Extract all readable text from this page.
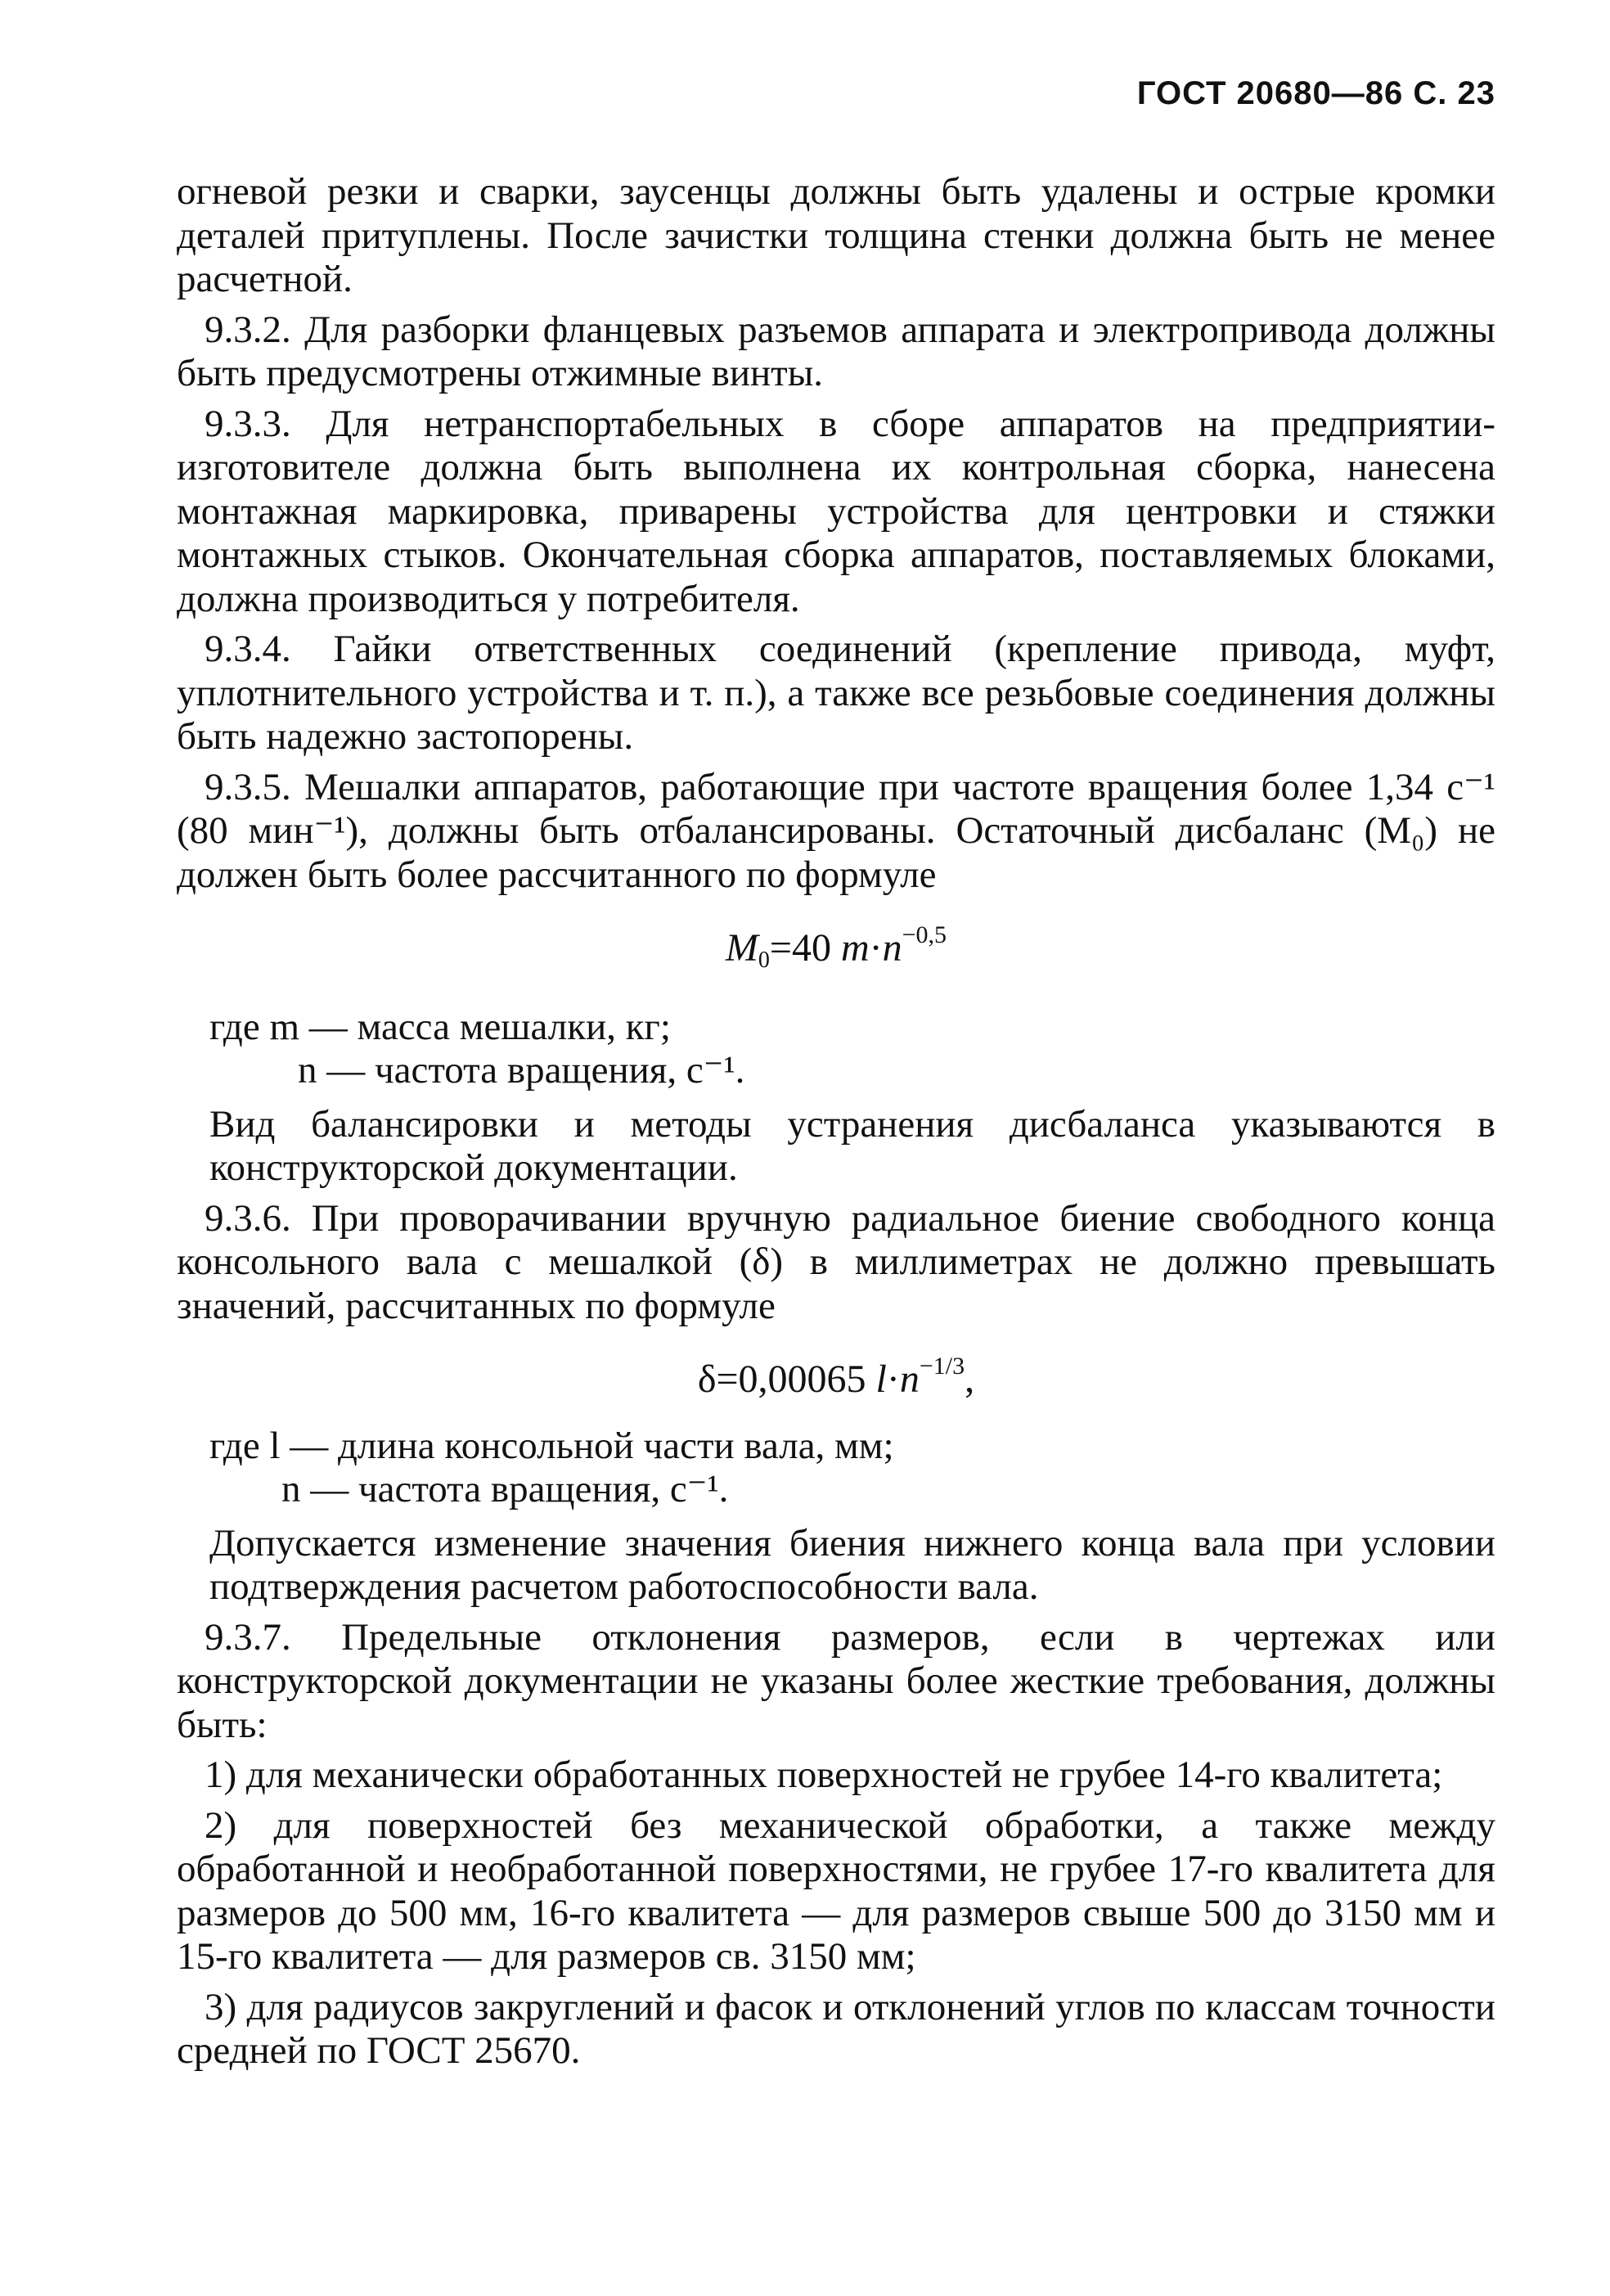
ГОСТ 20680—86 С. 23

огневой резки и сварки, заусенцы должны быть удалены и острые кромки деталей притуплены. После зачистки толщина стенки должна быть не менее расчетной.

9.3.2. Для разборки фланцевых разъемов аппарата и электропривода должны быть предусмотрены отжимные винты.

9.3.3. Для нетранспортабельных в сборе аппаратов на предприятии-изготовителе должна быть выполнена их контрольная сборка, нанесена монтажная маркировка, приварены устройства для центровки и стяжки монтажных стыков. Окончательная сборка аппаратов, поставляемых блоками, должна производиться у потребителя.

9.3.4. Гайки ответственных соединений (крепление привода, муфт, уплотнительного устройства и т. п.), а также все резьбовые соединения должны быть надежно застопорены.

9.3.5. Мешалки аппаратов, работающие при частоте вращения более 1,34 с⁻¹ (80 мин⁻¹), должны быть отбалансированы. Остаточный дисбаланс (M₀) не должен быть более рассчитанного по формуле

$M_0=40$ $m\cdot n^{-0,5}$

где m — масса мешалки, кг;

n — частота вращения, с⁻¹.

Вид балансировки и методы устранения дисбаланса указываются в конструкторской документации.

9.3.6. При проворачивании вручную радиальное биение свободного конца консольного вала с мешалкой (δ) в миллиметрах не должно превышать значений, рассчитанных по формуле

δ=0,00065 $l\cdot n^{-1/3}$,

где l — длина консольной части вала, мм;

n — частота вращения, с⁻¹.

Допускается изменение значения биения нижнего конца вала при условии подтверждения расчетом работоспособности вала.

9.3.7. Предельные отклонения размеров, если в чертежах или конструкторской документации не указаны более жесткие требования, должны быть:

1) для механически обработанных поверхностей не грубее 14-го квалитета;

2) для поверхностей без механической обработки, а также между обработанной и необработанной поверхностями, не грубее 17-го квалитета для размеров до 500 мм, 16-го квалитета — для размеров свыше 500 до 3150 мм и 15-го квалитета — для размеров св. 3150 мм;

3) для радиусов закруглений и фасок и отклонений углов по классам точности средней по ГОСТ 25670.
